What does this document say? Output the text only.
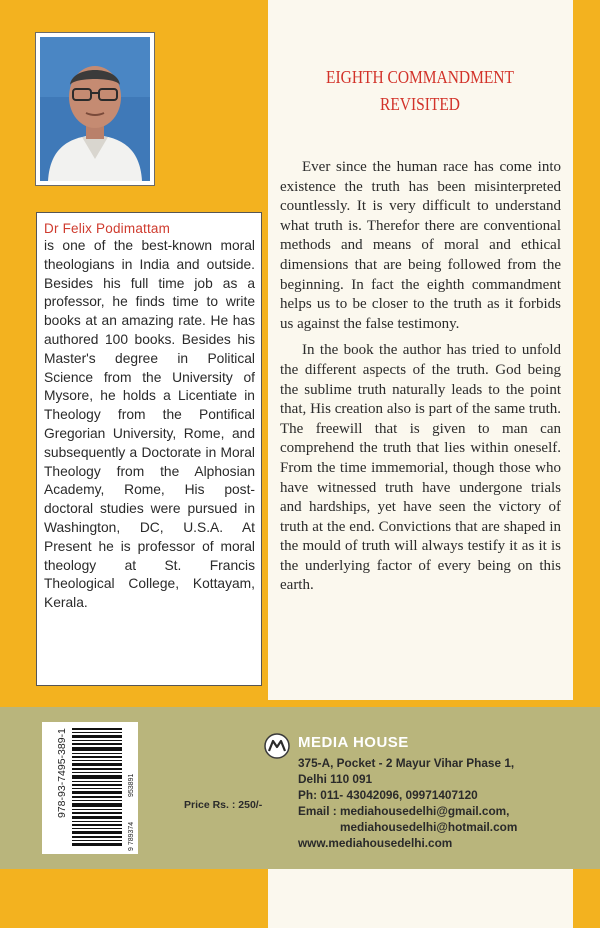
Dr Felix Podimattam
is one of the best-known moral theologians in India and outside. Besides his full time job as a professor, he finds time to write books at an amazing rate. He has authored 100 books. Besides his Master's degree in Political Science from the University of Mysore, he holds a Licentiate in Theology from the Pontifical Gregorian University, Rome, and subsequently a Doctorate in Moral Theology from the Alphosian Academy, Rome, His post-doctoral studies were pursued in Washington, DC, U.S.A. At Present he is professor of moral theology at St. Francis Theological College, Kottayam, Kerala.
EIGHTH COMMANDMENT
REVISITED

Ever since the human race has come into existence the truth has been misinterpreted countlessly. It is very difficult to understand what truth is. Therefor there are conventional methods and means of moral and ethical dimensions that are being followed from the beginning. In fact the eighth commandment helps us to be closer to the truth as it forbids us against the false testimony.

In the book the author has tried to unfold the different aspects of the truth. God being the sublime truth naturally leads to the point that, His creation also is part of the same truth. The freewill that is given to man can comprehend the truth that lies within oneself. From the time immemorial, though those who have witnessed truth have undergone trials and hardships, yet have seen the victory of truth at the end. Convictions that are shaped in the mould of truth will always testify it as it is the underlying factor of every being on this earth.

978-93-7495-389-1
9 789374
953891
Price Rs. : 250/-
MEDIA HOUSE
375-A, Pocket - 2 Mayur Vihar Phase 1,
Delhi 110 091
Ph: 011- 43042096, 09971407120
Email : mediahousedelhi@gmail.com,
mediahousedelhi@hotmail.com
www.mediahousedelhi.com
